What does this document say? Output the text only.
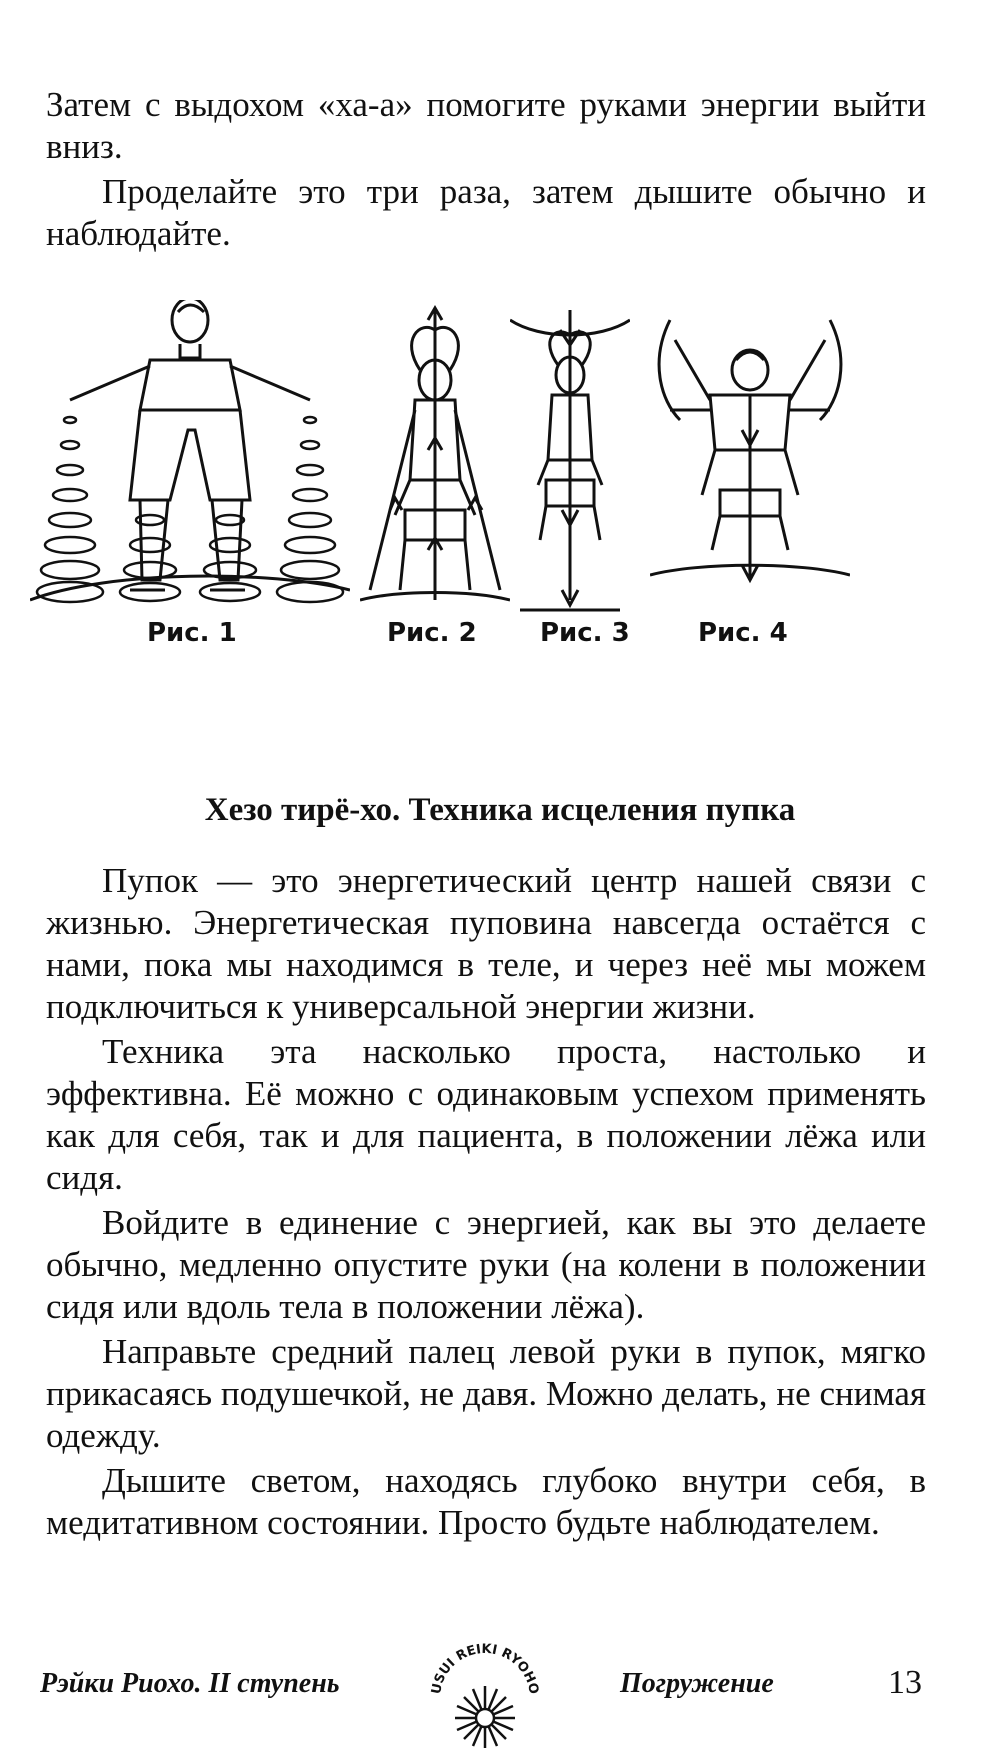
Затем с выдохом «ха-а» помогите руками энергии выйти вниз.

Проделайте это три раза, затем дышите обычно и наблюдайте.

Рис. 1	Рис. 2 Рис. 3	Рис. 4
Хезо тирё-хо. Техника исцеления пупка

Пупок — это энергетический центр нашей связи с жизнью. Энергетическая пуповина навсегда остаётся с нами, пока мы находимся в теле, и через неё мы можем подключиться к универсальной энергии жизни.

Техника эта насколько проста, настолько и эффективна. Её можно с одинаковым успехом применять как для себя, так и для пациента, в положении лёжа или сидя.

Войдите в единение с энергией, как вы это делаете обычно, медленно опустите руки (на колени в положении сидя или вдоль тела в положении лёжа).

Направьте средний палец левой руки в пупок, мягко прикасаясь подушечкой, не давя. Можно делать, не снимая одежду.

Дышите светом, находясь глубоко внутри себя, в медитативном состоянии. Просто будьте наблюдателем.

Рэйки Риохо. II ступень	USUI REIKI RYOHO	Погружение	13
